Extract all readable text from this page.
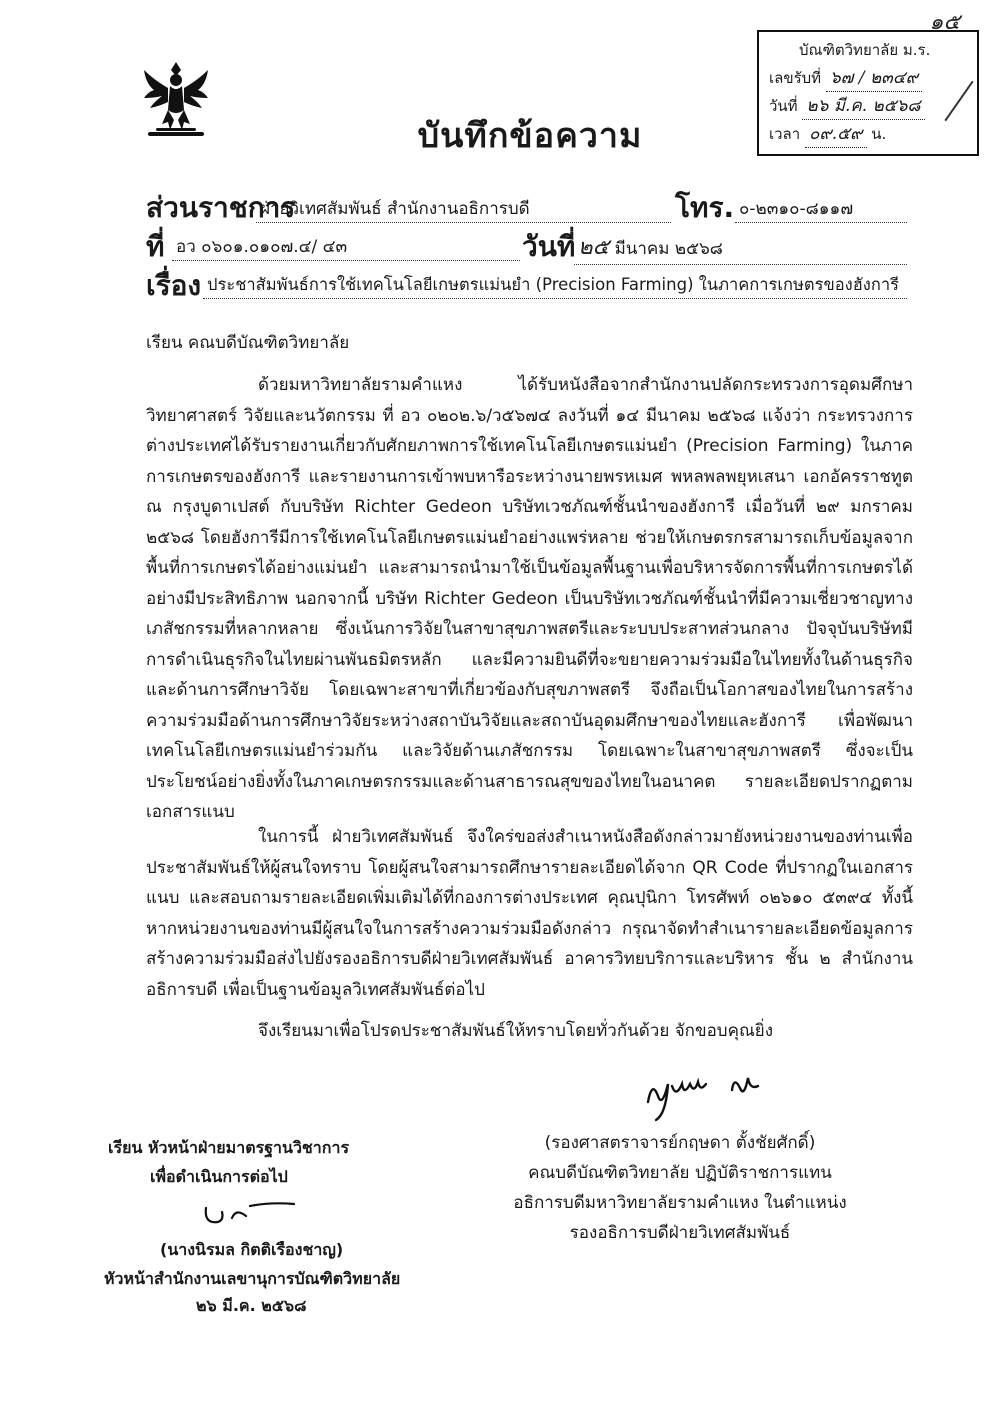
๑๕
บัณฑิตวิทยาลัย ม.ร.
เลขรับที่ ๖๗ / ๒๓๔๙
วันที่ ๒๖ มี.ค. ๒๕๖๘
เวลา ๐๙.๕๙ น.
บันทึกข้อความ
ส่วนราชการ
ฝ่ายวิเทศสัมพันธ์ สำนักงานอธิการบดี	โทร. ๐-๒๓๑๐-๘๑๑๗
ที่ อว ๐๖๐๑.๐๑๐๗.๔/ ๔๓	วันที่ ๒๕ มีนาคม ๒๕๖๘
เรื่อง ประชาสัมพันธ์การใช้เทคโนโลยีเกษตรแม่นยำ (Precision Farming) ในภาคการเกษตรของฮังการี
เรียน คณบดีบัณฑิตวิทยาลัย

ด้วยมหาวิทยาลัยรามคำแหง ได้รับหนังสือจากสำนักงานปลัดกระทรวงการอุดมศึกษา วิทยาศาสตร์ วิจัยและนวัตกรรม ที่ อว ๐๒๐๒.๖/ว๕๖๗๔ ลงวันที่ ๑๔ มีนาคม ๒๕๖๘ แจ้งว่า กระทรวงการต่างประเทศได้รับรายงานเกี่ยวกับศักยภาพการใช้เทคโนโลยีเกษตรแม่นยำ (Precision Farming) ในภาคการเกษตรของฮังการี และรายงานการเข้าพบหารือระหว่างนายพรหเมศ พหลพลพยุหเสนา เอกอัครราชทูต ณ กรุงบูดาเปสต์ กับบริษัท Richter Gedeon บริษัทเวชภัณฑ์ชั้นนำของฮังการี เมื่อวันที่ ๒๙ มกราคม ๒๕๖๘ โดยฮังการีมีการใช้เทคโนโลยีเกษตรแม่นยำอย่างแพร่หลาย ช่วยให้เกษตรกรสามารถเก็บข้อมูลจากพื้นที่การเกษตรได้อย่างแม่นยำ และสามารถนำมาใช้เป็นข้อมูลพื้นฐานเพื่อบริหารจัดการพื้นที่การเกษตรได้อย่างมีประสิทธิภาพ นอกจากนี้ บริษัท Richter Gedeon เป็นบริษัทเวชภัณฑ์ชั้นนำที่มีความเชี่ยวชาญทางเภสัชกรรมที่หลากหลาย ซึ่งเน้นการวิจัยในสาขาสุขภาพสตรีและระบบประสาทส่วนกลาง ปัจจุบันบริษัทมีการดำเนินธุรกิจในไทยผ่านพันธมิตรหลัก และมีความยินดีที่จะขยายความร่วมมือในไทยทั้งในด้านธุรกิจและด้านการศึกษาวิจัย โดยเฉพาะสาขาที่เกี่ยวข้องกับสุขภาพสตรี จึงถือเป็นโอกาสของไทยในการสร้างความร่วมมือด้านการศึกษาวิจัยระหว่างสถาบันวิจัยและสถาบันอุดมศึกษาของไทยและฮังการี เพื่อพัฒนาเทคโนโลยีเกษตรแม่นยำร่วมกัน และวิจัยด้านเภสัชกรรม โดยเฉพาะในสาขาสุขภาพสตรี ซึ่งจะเป็นประโยชน์อย่างยิ่งทั้งในภาคเกษตรกรรมและด้านสาธารณสุขของไทยในอนาคต รายละเอียดปรากฏตามเอกสารแนบ

ในการนี้ ฝ่ายวิเทศสัมพันธ์ จึงใคร่ขอส่งสำเนาหนังสือดังกล่าวมายังหน่วยงานของท่านเพื่อประชาสัมพันธ์ให้ผู้สนใจทราบ โดยผู้สนใจสามารถศึกษารายละเอียดได้จาก QR Code ที่ปรากฏในเอกสารแนบ และสอบถามรายละเอียดเพิ่มเติมได้ที่กองการต่างประเทศ คุณปุนิกา โทรศัพท์ ๐๒๖๑๐ ๕๓๙๔ ทั้งนี้ หากหน่วยงานของท่านมีผู้สนใจในการสร้างความร่วมมือดังกล่าว กรุณาจัดทำสำเนารายละเอียดข้อมูลการสร้างความร่วมมือส่งไปยังรองอธิการบดีฝ่ายวิเทศสัมพันธ์ อาคารวิทยบริการและบริหาร ชั้น ๒ สำนักงานอธิการบดี เพื่อเป็นฐานข้อมูลวิเทศสัมพันธ์ต่อไป

จึงเรียนมาเพื่อโปรดประชาสัมพันธ์ให้ทราบโดยทั่วกันด้วย จักขอบคุณยิ่ง
(รองศาสตราจารย์กฤษดา ตั้งชัยศักดิ์)
คณบดีบัณฑิตวิทยาลัย ปฏิบัติราชการแทน
อธิการบดีมหาวิทยาลัยรามคำแหง ในตำแหน่ง
รองอธิการบดีฝ่ายวิเทศสัมพันธ์
เรียน หัวหน้าฝ่ายมาตรฐานวิชาการ
เพื่อดำเนินการต่อไป
(นางนิรมล กิตติเรืองชาญ)
หัวหน้าสำนักงานเลขานุการบัณฑิตวิทยาลัย
๒๖ มี.ค. ๒๕๖๘
